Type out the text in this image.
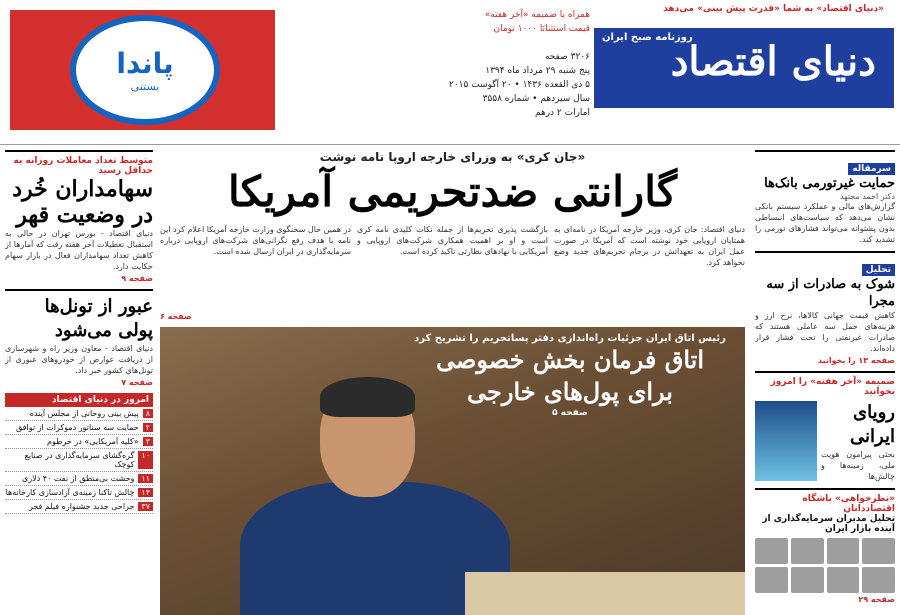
«دنیای اقتصاد» به شما «قدرت پیش بینی» می‌دهد
دنیای اقتصاد
روزنامه صبح ایران
همراه با ضمیمه «آخر هفته»
قیمت استثنائا ۱۰۰۰ تومان
۳۲۰۶ صفحه
پنج شنبه ۲۹ مرداد ماه ۱۳۹۴
۵ ذی القعده ۱۴۳۶ • ۲۰ آگوست ۲۰۱۵
سال سیزدهم • شماره ۳۵۵۸
امارات ۲ درهم
پاندا
بستنی
متوسط تعداد معاملات روزانه به حداقل رسید
سهامداران خُرد در وضعیت قهر
دنیای اقتصاد - بورس تهران در حالی به استقبال تعطیلات آخر هفته رفت که آمارها از کاهش تعداد سهامداران فعال در بازار سهام حکایت دارد.
صفحه ۹
عبور از تونل‌ها پولی می‌شود
دنیای اقتصاد - معاون وزیر راه و شهرسازی از دریافت عوارض از خودروهای عبوری از تونل‌های کشور خبر داد.
صفحه ۷
امروز در دنیای اقتصاد
۸
پیش بینی روحانی از مجلس آینده
۲
حمایت سه سناتور دموکرات از توافق
۳
«کلیه آمریکایی» در خرطوم
۱۰
گره‌گشای سرمایه‌گذاری در صنایع کوچک
۱۱
وحشت بی‌منطق از نفت ۴۰ دلاری
۱۴
چالش تاکنا زمینه‌ی آزادسازی کارخانه‌ها
۳۷
جراحی جدید جشنواره فیلم فجر
«جان کری» به وزرای خارجه اروپا نامه نوشت
گارانتی ضدتحریمی آمریکا
دنیای اقتصاد: جان کری، وزیر خارجه آمریکا در نامه‌ای به همتایان اروپایی خود نوشته است که آمریکا در صورت عمل ایران به تعهداتش در برجام تحریم‌های جدید وضع نخواهد کرد.
بازگشت پذیری تحریم‌ها از جمله نکات کلیدی نامه کری است و او بر اهمیت همکاری شرکت‌های اروپایی و آمریکایی با نهادهای نظارتی تاکید کرده است.
در همین حال سخنگوی وزارت خارجه آمریکا اعلام کرد این نامه با هدف رفع نگرانی‌های شرکت‌های اروپایی درباره سرمایه‌گذاری در ایران ارسال شده است.
صفحه ۶
رئیس اتاق ایران جزئیات راه‌اندازی دفتر پساتحریم را تشریح کرد
اتاق فرمان بخش خصوصی
برای پول‌های خارجی
صفحه ۵
سرمقاله
حمایت غیرتورمی بانک‌ها
دکتر احمد مجتهد
گزارش‌های مالی و عملکرد سیستم بانکی نشان می‌دهد که سیاست‌های انبساطی بدون پشتوانه می‌تواند فشارهای تورمی را تشدید کند.
تحلیل
شوک به صادرات از سه مجرا
کاهش قیمت جهانی کالاها، نرخ ارز و هزینه‌های حمل سه عاملی هستند که صادرات غیرنفتی را تحت فشار قرار داده‌اند.
صفحه ۱۳ را بخوانید
ضمیمه «آخر هفته» را امروز بخوانید
رویای ایرانی
بحثی پیرامون هویت ملی، زمینه‌ها و چالش‌ها
«نظرخواهی» باشگاه اقتصاددانان
تحلیل مدیران سرمایه‌گذاری از آینده بازار ایران
صفحه ۲۹
